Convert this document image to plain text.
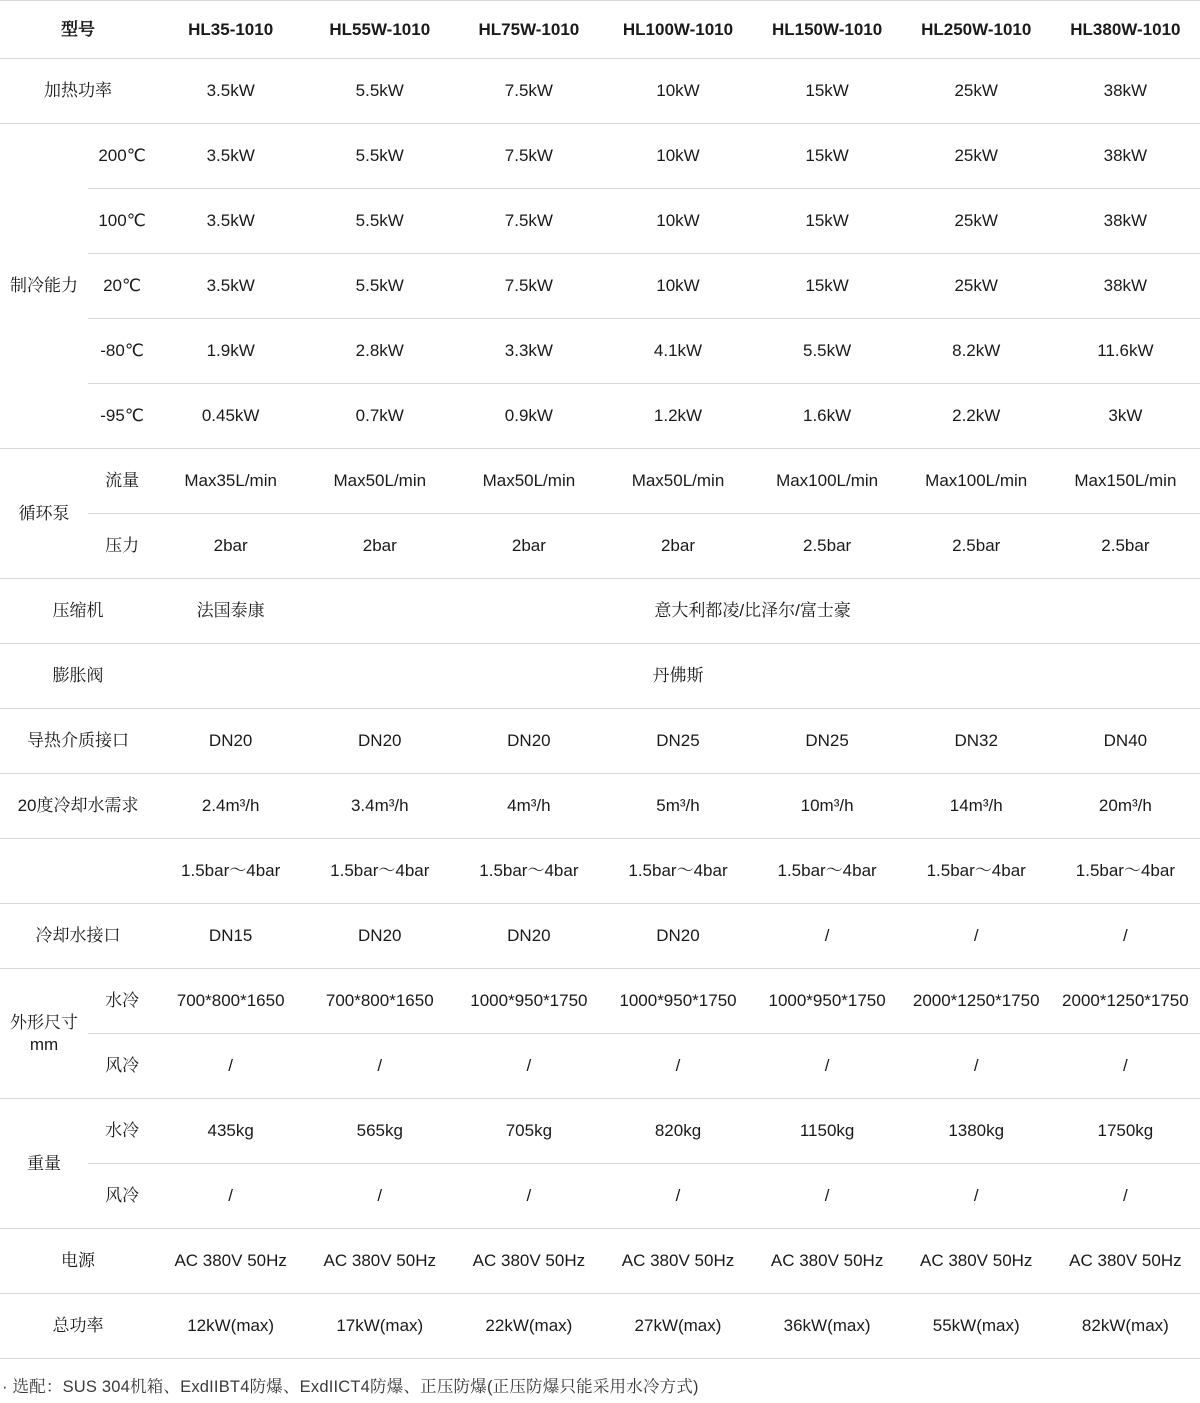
型号		HL35-1010	HL55W-1010	HL75W-1010	HL100W-1010	HL150W-1010	HL250W-1010	HL380W-1010
加热功率		3.5kW	5.5kW	7.5kW	10kW	15kW	25kW	38kW
制冷能力	200℃	3.5kW	5.5kW	7.5kW	10kW	15kW	25kW	38kW
	100℃	3.5kW	5.5kW	7.5kW	10kW	15kW	25kW	38kW
	20℃	3.5kW	5.5kW	7.5kW	10kW	15kW	25kW	38kW
	-80℃	1.9kW	2.8kW	3.3kW	4.1kW	5.5kW	8.2kW	11.6kW
	-95℃	0.45kW	0.7kW	0.9kW	1.2kW	1.6kW	2.2kW	3kW
循环泵	流量	Max35L/min	Max50L/min	Max50L/min	Max50L/min	Max100L/min	Max100L/min	Max150L/min
	压力	2bar	2bar	2bar	2bar	2.5bar	2.5bar	2.5bar
压缩机		法国泰康	意大利都凌/比泽尔/富士豪					
膨胀阀		丹佛斯						
导热介质接口		DN20	DN20	DN20	DN25	DN25	DN32	DN40
20度冷却水需求		2.4m³/h	3.4m³/h	4m³/h	5m³/h	10m³/h	14m³/h	20m³/h
		1.5bar～4bar	1.5bar～4bar	1.5bar～4bar	1.5bar～4bar	1.5bar～4bar	1.5bar～4bar	1.5bar～4bar
冷却水接口		DN15	DN20	DN20	DN20	/	/	/
外形尺寸mm	水冷	700*800*1650	700*800*1650	1000*950*1750	1000*950*1750	1000*950*1750	2000*1250*1750	2000*1250*1750
	风冷	/	/	/	/	/	/	/
重量	水冷	435kg	565kg	705kg	820kg	1150kg	1380kg	1750kg
	风冷	/	/	/	/	/	/	/
电源		AC 380V 50Hz	AC 380V 50Hz	AC 380V 50Hz	AC 380V 50Hz	AC 380V 50Hz	AC 380V 50Hz	AC 380V 50Hz
总功率		12kW(max)	17kW(max)	22kW(max)	27kW(max)	36kW(max)	55kW(max)	82kW(max)
· 选配：SUS 304机箱、ExdIIBT4防爆、ExdIICT4防爆、正压防爆(正压防爆只能采用水冷方式)
